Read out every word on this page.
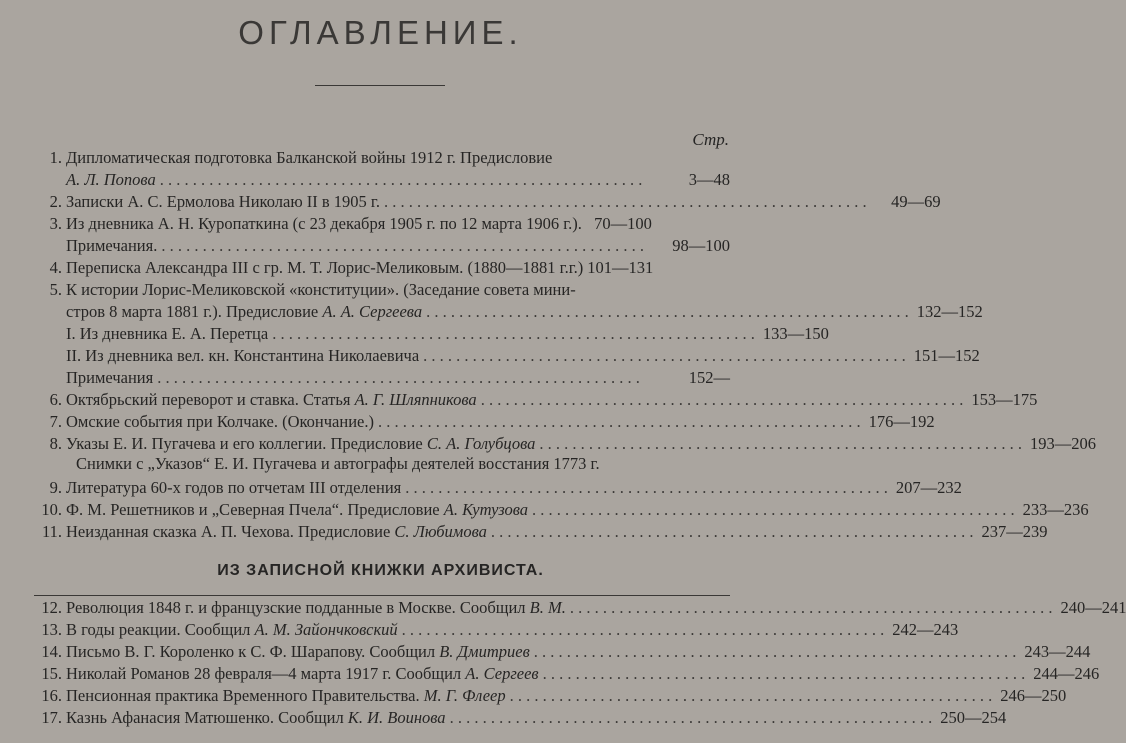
ОГЛАВЛЕНИЕ.
Стр.
1. Дипломатическая подготовка Балканской войны 1912 г. Предисловие
А. Л. Попова . . .	3—48
2. Записки А. С. Ермолова Николаю II в 1905 г. . . .	49—69
3. Из дневника А. Н. Куропаткина (с 23 декабря 1905 г. по 12 марта 1906 г.). 70—100
Примечания. . . .	98—100
4. Переписка Александра III с гр. М. Т. Лорис-Меликовым. (1880—1881 г.г.) 101—131
5. К истории Лорис-Меликовской «конституции». (Заседание совета мини-
стров 8 марта 1881 г.). Предисловие А. А. Сергеева . . .	132—152
I. Из дневника Е. А. Перетца . . .	133—150
II. Из дневника вел. кн. Константина Николаевича . . .	151—152
Примечания . . .	152—
6. Октябрьский переворот и ставка. Статья А. Г. Шляпникова . . .	153—175
7. Омские события при Колчаке. (Окончание.) . . .	176—192
8. Указы Е. И. Пугачева и его коллегии. Предисловие С. А. Голубцова . . .	193—206
Снимки с „Указов“ Е. И. Пугачева и автографы деятелей восстания 1773 г.
9. Литература 60-х годов по отчетам III отделения . . .	207—232
10. Ф. М. Решетников и „Северная Пчела“. Предисловие А. Кутузова . . .	233—236
11. Неизданная сказка А. П. Чехова. Предисловие С. Любимова . . .	237—239
ИЗ ЗАПИСНОЙ КНИЖКИ АРХИВИСТА.
12. Революция 1848 г. и французские подданные в Москве. Сообщил В. М. . . .	240—241
13. В годы реакции. Сообщил А. М. Зайончковский . . .	242—243
14. Письмо В. Г. Короленко к С. Ф. Шарапову. Сообщил В. Дмитриев . . .	243—244
15. Николай Романов 28 февраля—4 марта 1917 г. Сообщил А. Сергеев . . .	244—246
16. Пенсионная практика Временного Правительства. М. Г. Флеер . . .	246—250
17. Казнь Афанасия Матюшенко. Сообщил К. И. Воинова . . .	250—254
